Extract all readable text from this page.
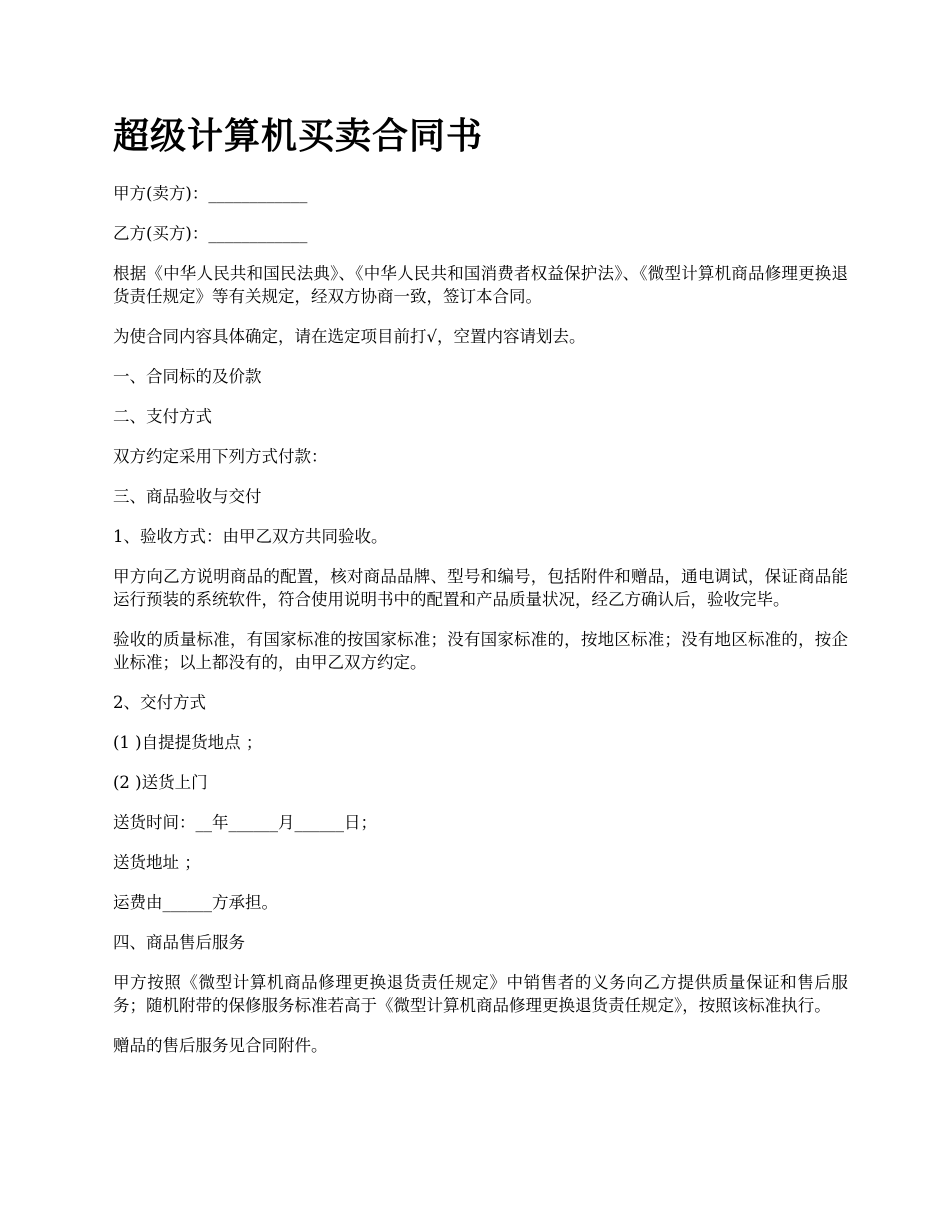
超级计算机买卖合同书

甲方(卖方)：____________

乙方(买方)：____________

根据《中华人民共和国民法典》、《中华人民共和国消费者权益保护法》、《微型计算机商品修理更换退货责任规定》等有关规定，经双方协商一致，签订本合同。

为使合同内容具体确定，请在选定项目前打√，空置内容请划去。

一、合同标的及价款

二、支付方式

双方约定采用下列方式付款：

三、商品验收与交付

1、验收方式：由甲乙双方共同验收。

甲方向乙方说明商品的配置，核对商品品牌、型号和编号，包括附件和赠品，通电调试，保证商品能运行预装的系统软件，符合使用说明书中的配置和产品质量状况，经乙方确认后，验收完毕。

验收的质量标准，有国家标准的按国家标准；没有国家标准的，按地区标准；没有地区标准的，按企业标准；以上都没有的，由甲乙双方约定。

2、交付方式

(1 )自提提货地点 ；

(2 )送货上门

送货时间：__年______月______日；

送货地址 ；

运费由______方承担。

四、商品售后服务

甲方按照《微型计算机商品修理更换退货责任规定》中销售者的义务向乙方提供质量保证和售后服务；随机附带的保修服务标准若高于《微型计算机商品修理更换退货责任规定》，按照该标准执行。

赠品的售后服务见合同附件。
